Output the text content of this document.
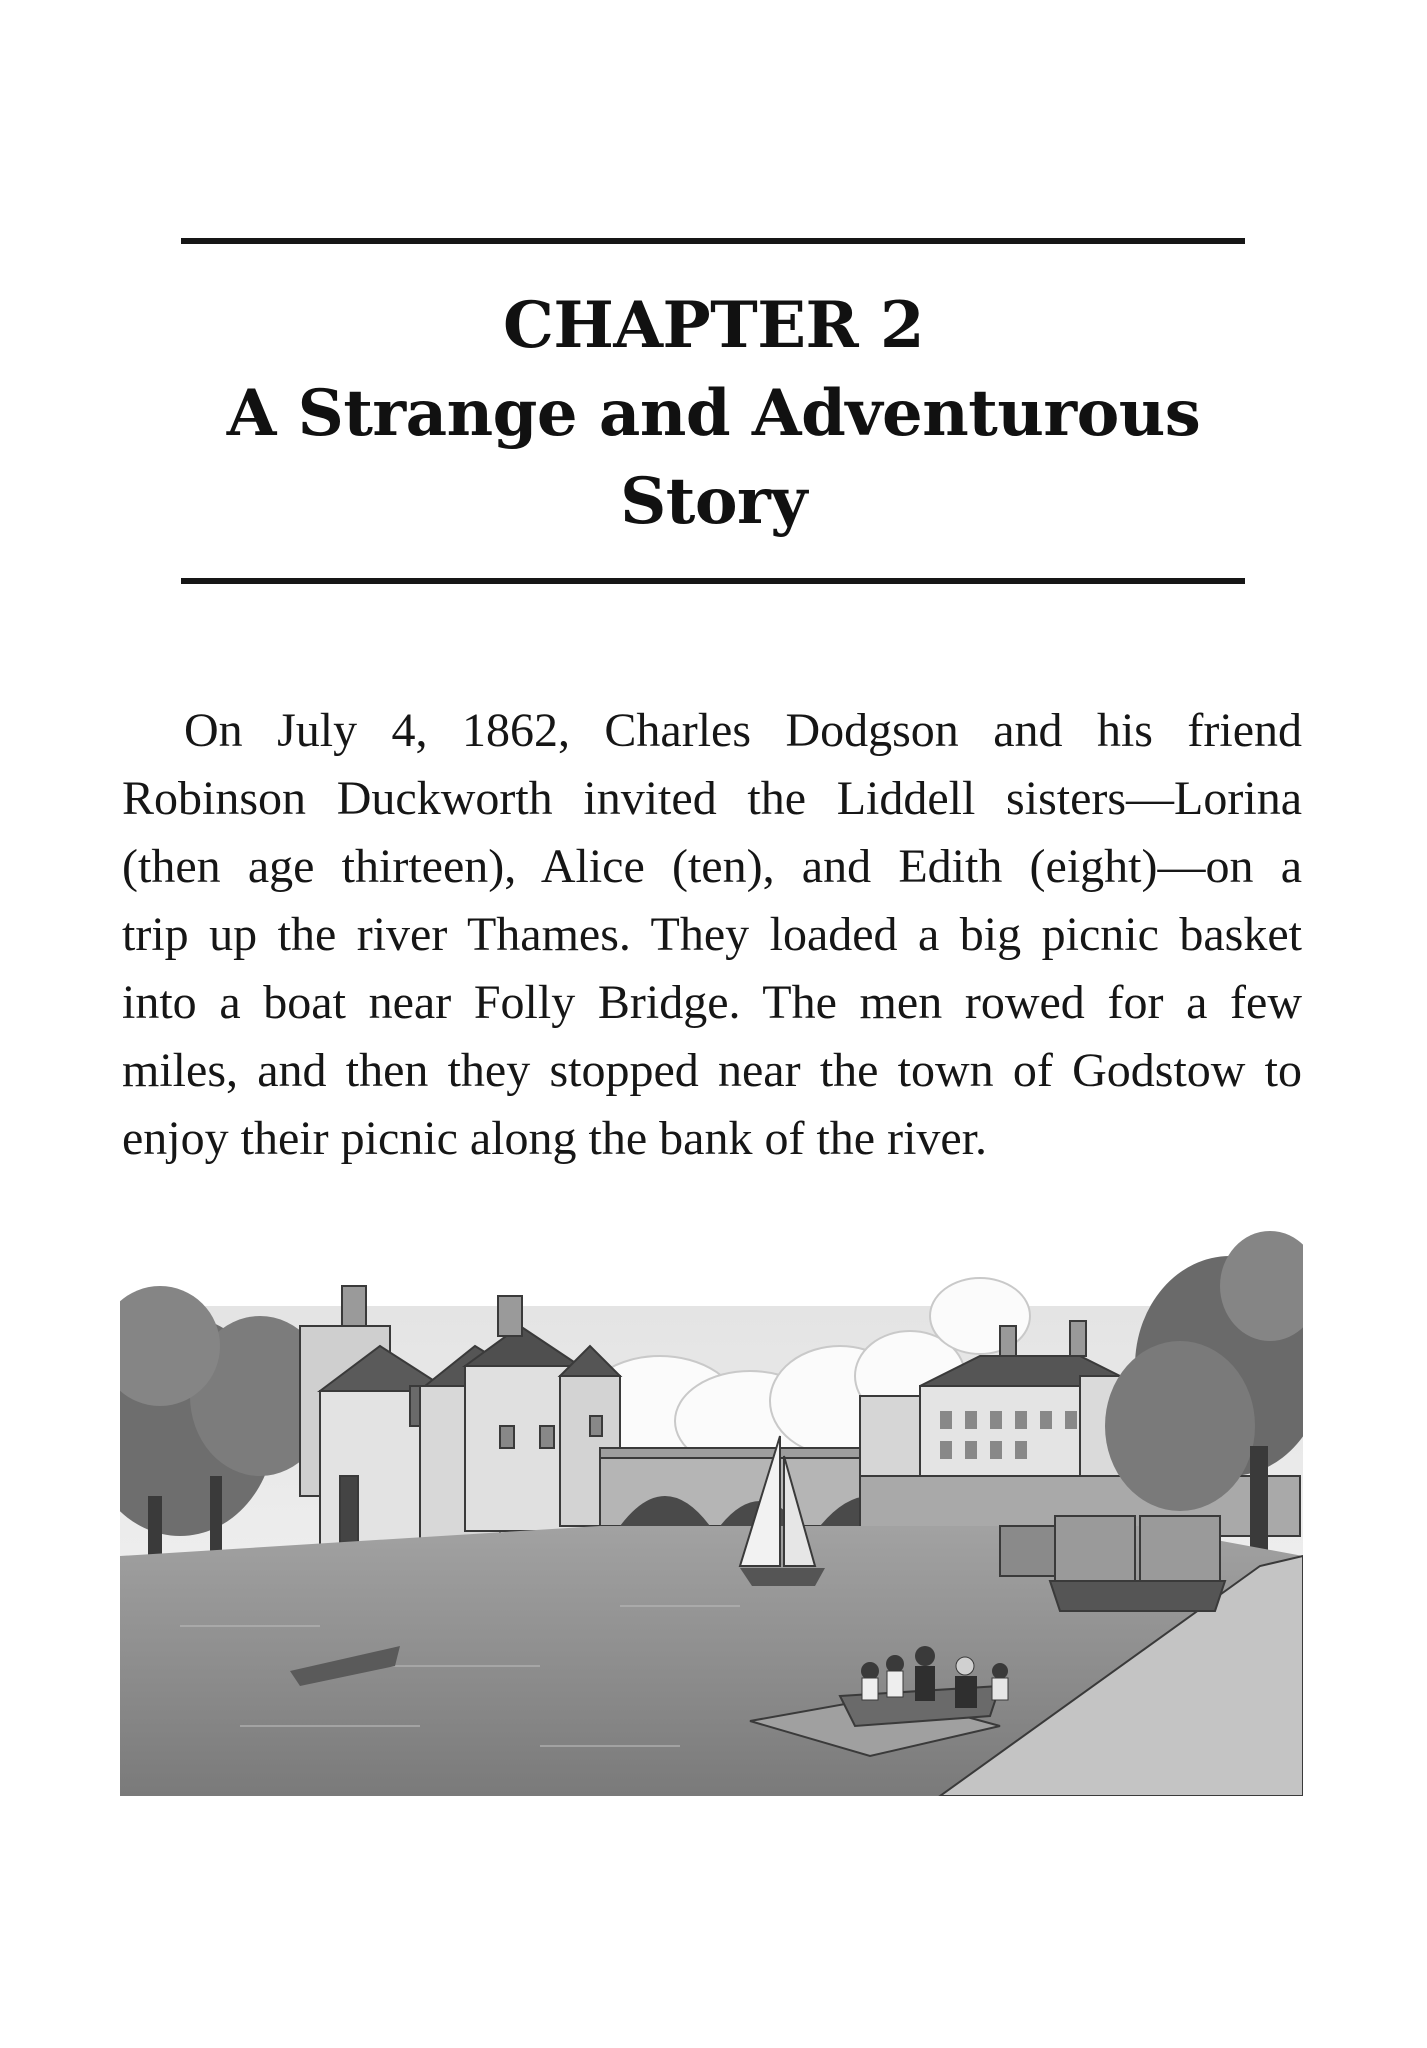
CHAPTER 2
A Strange and Adventurous
Story
On July 4, 1862, Charles Dodgson and his friend
Robinson Duckworth invited the Liddell sisters—Lorina
(then age thirteen), Alice (ten), and Edith (eight)—on a
trip up the river Thames. They loaded a big picnic basket
into a boat near Folly Bridge. The men rowed for a few
miles, and then they stopped near the town of Godstow to
enjoy their picnic along the bank of the river.
